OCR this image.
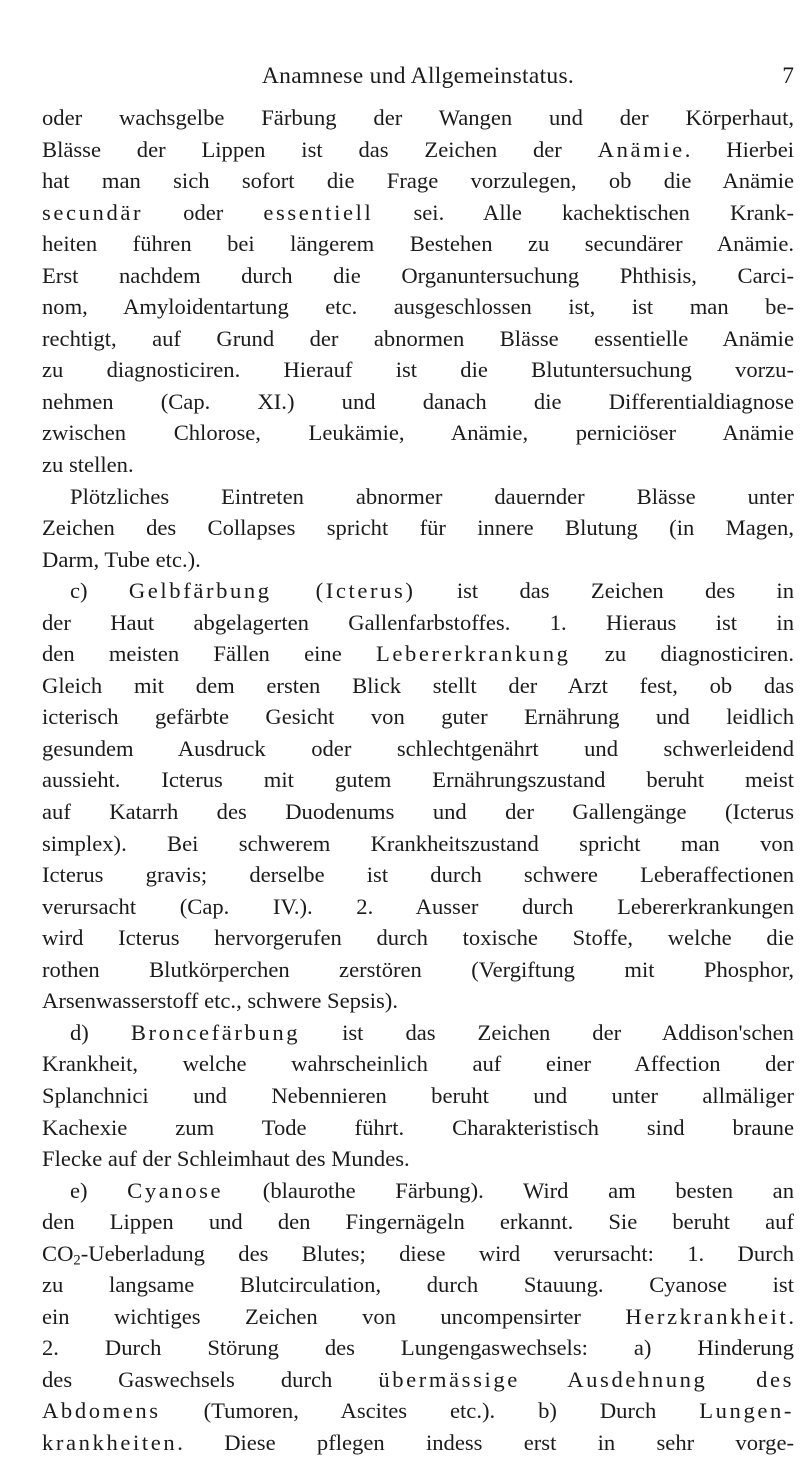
Anamnese und Allgemeinstatus.	7
oder wachsgelbe Färbung der Wangen und der Körperhaut,
Blässe der Lippen ist das Zeichen der Anämie. Hierbei
hat man sich sofort die Frage vorzulegen, ob die Anämie
secundär oder essentiell sei. Alle kachektischen Krank-
heiten führen bei längerem Bestehen zu secundärer Anämie.
Erst nachdem durch die Organuntersuchung Phthisis, Carci-
nom, Amyloidentartung etc. ausgeschlossen ist, ist man be-
rechtigt, auf Grund der abnormen Blässe essentielle Anämie
zu diagnosticiren. Hierauf ist die Blutuntersuchung vorzu-
nehmen (Cap. XI.) und danach die Differentialdiagnose
zwischen Chlorose, Leukämie, Anämie, perniciöser Anämie
zu stellen.
Plötzliches Eintreten abnormer dauernder Blässe unter
Zeichen des Collapses spricht für innere Blutung (in Magen,
Darm, Tube etc.).
c) Gelbfärbung (Icterus) ist das Zeichen des in
der Haut abgelagerten Gallenfarbstoffes. 1. Hieraus ist in
den meisten Fällen eine Lebererkrankung zu diagnosticiren.
Gleich mit dem ersten Blick stellt der Arzt fest, ob das
icterisch gefärbte Gesicht von guter Ernährung und leidlich
gesundem Ausdruck oder schlechtgenährt und schwerleidend
aussieht. Icterus mit gutem Ernährungszustand beruht meist
auf Katarrh des Duodenums und der Gallengänge (Icterus
simplex). Bei schwerem Krankheitszustand spricht man von
Icterus gravis; derselbe ist durch schwere Leberaffectionen
verursacht (Cap. IV.). 2. Ausser durch Lebererkrankungen
wird Icterus hervorgerufen durch toxische Stoffe, welche die
rothen Blutkörperchen zerstören (Vergiftung mit Phosphor,
Arsenwasserstoff etc., schwere Sepsis).
d) Broncefärbung ist das Zeichen der Addison'schen
Krankheit, welche wahrscheinlich auf einer Affection der
Splanchnici und Nebennieren beruht und unter allmäliger
Kachexie zum Tode führt. Charakteristisch sind braune
Flecke auf der Schleimhaut des Mundes.
e) Cyanose (blaurothe Färbung). Wird am besten an
den Lippen und den Fingernägeln erkannt. Sie beruht auf
$CO_2$-Ueberladung des Blutes; diese wird verursacht: 1. Durch
zu langsame Blutcirculation, durch Stauung. Cyanose ist
ein wichtiges Zeichen von uncompensirter Herzkrankheit.
2. Durch Störung des Lungengaswechsels: a) Hinderung
des Gaswechsels durch übermässige Ausdehnung des
Abdomens (Tumoren, Ascites etc.). b) Durch Lungen-
krankheiten. Diese pflegen indess erst in sehr vorge-
